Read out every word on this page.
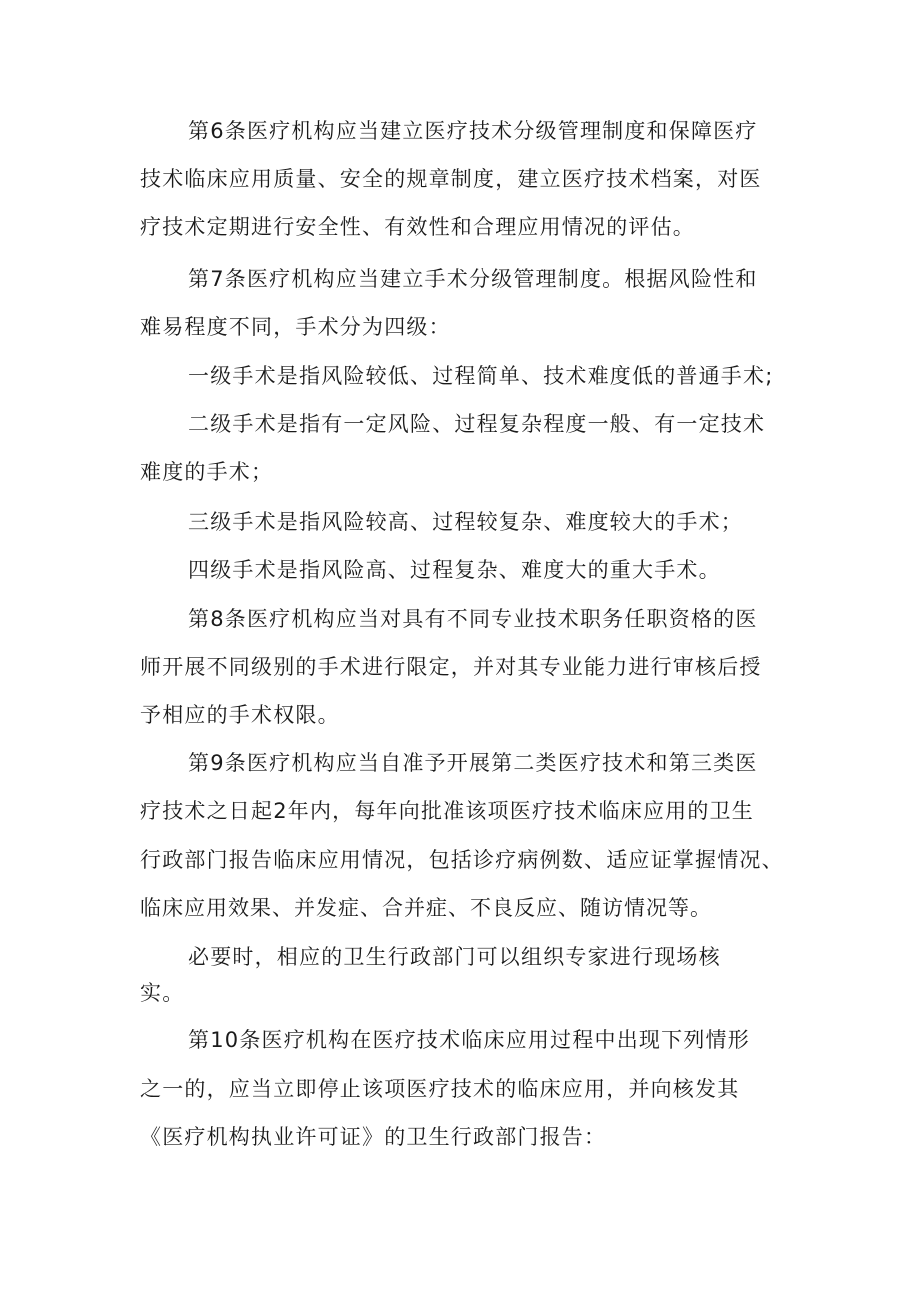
第6条医疗机构应当建立医疗技术分级管理制度和保障医疗
技术临床应用质量、安全的规章制度，建立医疗技术档案，对医
疗技术定期进行安全性、有效性和合理应用情况的评估。
第7条医疗机构应当建立手术分级管理制度。根据风险性和
难易程度不同，手术分为四级：
一级手术是指风险较低、过程简单、技术难度低的普通手术;
二级手术是指有一定风险、过程复杂程度一般、有一定技术
难度的手术；
三级手术是指风险较高、过程较复杂、难度较大的手术；
四级手术是指风险高、过程复杂、难度大的重大手术。
第8条医疗机构应当对具有不同专业技术职务任职资格的医
师开展不同级别的手术进行限定，并对其专业能力进行审核后授
予相应的手术权限。
第9条医疗机构应当自准予开展第二类医疗技术和第三类医
疗技术之日起2年内，每年向批准该项医疗技术临床应用的卫生
行政部门报告临床应用情况，包括诊疗病例数、适应证掌握情况、
临床应用效果、并发症、合并症、不良反应、随访情况等。
必要时，相应的卫生行政部门可以组织专家进行现场核
实。
第10条医疗机构在医疗技术临床应用过程中出现下列情形
之一的，应当立即停止该项医疗技术的临床应用，并向核发其
《医疗机构执业许可证》的卫生行政部门报告：
